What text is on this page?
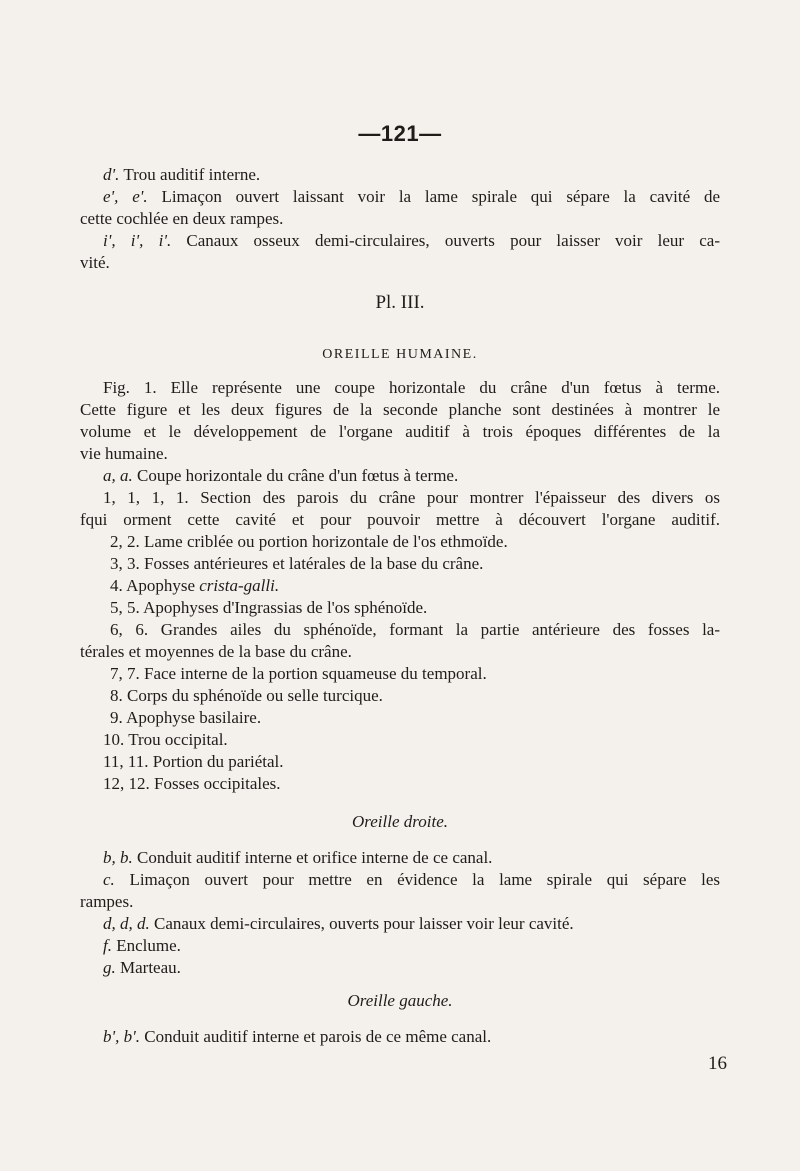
—121—
d'. Trou auditif interne.
e', e'. Limaçon ouvert laissant voir la lame spirale qui sépare la cavité de
cette cochlée en deux rampes.
i', i', i'. Canaux osseux demi-circulaires, ouverts pour laisser voir leur ca-
vité.
Pl. III.
OREILLE HUMAINE.
Fig. 1. Elle représente une coupe horizontale du crâne d'un fœtus à terme.
Cette figure et les deux figures de la seconde planche sont destinées à montrer le
volume et le développement de l'organe auditif à trois époques différentes de la
vie humaine.
a, a. Coupe horizontale du crâne d'un fœtus à terme.
1, 1, 1, 1. Section des parois du crâne pour montrer l'épaisseur des divers os
fqui orment cette cavité et pour pouvoir mettre à découvert l'organe auditif.
2, 2. Lame criblée ou portion horizontale de l'os ethmoïde.
3, 3. Fosses antérieures et latérales de la base du crâne.
4. Apophyse crista-galli.
5, 5. Apophyses d'Ingrassias de l'os sphénoïde.
6, 6. Grandes ailes du sphénoïde, formant la partie antérieure des fosses la-
térales et moyennes de la base du crâne.
7, 7. Face interne de la portion squameuse du temporal.
8. Corps du sphénoïde ou selle turcique.
9. Apophyse basilaire.
10. Trou occipital.
11, 11. Portion du pariétal.
12, 12. Fosses occipitales.
Oreille droite.
b, b. Conduit auditif interne et orifice interne de ce canal.
c. Limaçon ouvert pour mettre en évidence la lame spirale qui sépare les
rampes.
d, d, d. Canaux demi-circulaires, ouverts pour laisser voir leur cavité.
f. Enclume.
g. Marteau.
Oreille gauche.
b', b'. Conduit auditif interne et parois de ce même canal.
16
